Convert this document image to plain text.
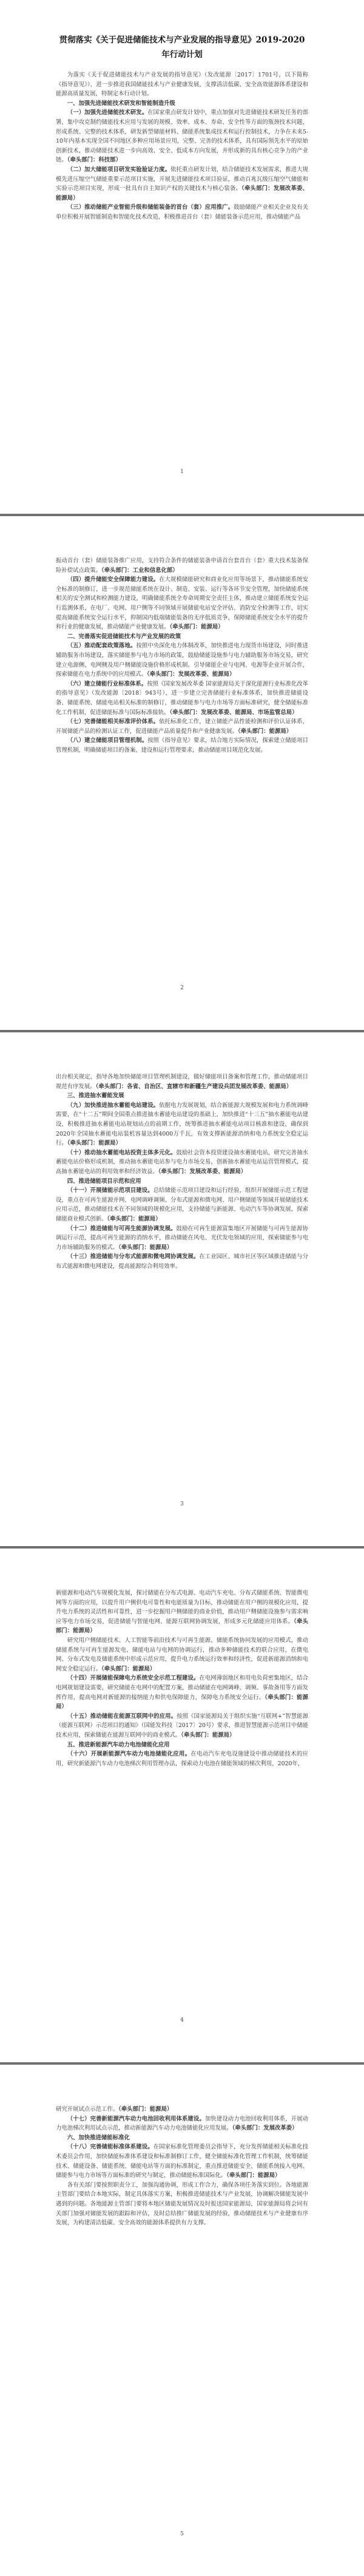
贯彻落实《关于促进储能技术与产业发展的指导意见》2019-2020年行动计划

为落实《关于促进储能技术与产业发展的指导意见》（发改能源〔2017〕1701号，以下简称《指导意见》），进一步推进我国储能技术与产业健康发展，支撑清洁低碳、安全高效能源体系建设和能源高质量发展，特制定本行动计划。

一、加强先进储能技术研发和智能制造升级

（一）加强先进储能技术研发。在国家重点研发计划中，重点加强对先进储能技术研发任务的部署，集中攻克制约储能技术应用与发展的规模、效率、成本、寿命、安全性等方面的瓶颈技术问题，形成系统、完整的技术体系，研发新型储能材料、储能系统集成技术和运行控制技术，力争在未来5-10年内基本实现全国不同地区多种应用场景应用，完整、完善的技术体系，具有国际领先水平的原始创新技术，推动储能技术进一步向高效、安全、低成本方向发展，并形成新的具有核心竞争力的产业链。（牵头部门：科技部）

（二）加大储能项目研发实验验证力度。依托重点研发计划，结合储能技术发展需求，推进大规模先进压缩空气储能重要示范项目实施，开展先进储能技术项目验证，推动百兆瓦级压缩空气储能和实验示范项目实现，形成一批具有自主知识产权的关键技术与核心装备。（牵头部门：发展改革委、能源局）

（三）推动储能产业智能升级和储能装备的首台（套）应用推广。鼓励储能产业相关企业及有关单位积极开展智能制造和智能化技术改造，积极推进首台（套）储能装备示范应用，推动储能产品

1

振动首台（套）储能装备推广应用，支持符合条件的储能装备申请首台套首台（套）重大技术装备保险补偿试点政策。（牵头部门：工业和信息化部）

（四）提升储能安全保障能力建设。在大规模储能研究和商业化应用等场景下，推动储能系统安全标准的制修订，进一步规范储能系统在设计、制造、安装、运行等各环节安全管理，加快储能系统相关的安全测试和检测能力建设，明确储能系统全寿命周期安全责任主体，推动建立储能系统安全运行监测体系，在电厂、电网、用户侧等不同领域开展储能电站安全评估、消防安全检测等工作，切实提高储能系统安全运行水平，抑制国内低端储能装备的无序低质竞争，保障储能系统安全水平的提升和行业的健康发展，推动储能产业健康发展。（牵头部门：能源局）

二、完善落实促进储能技术与产业发展的政策

（五）推动配套政策落地。按照中央深化电力体制改革，加快推进电力现货市场建设，同时推进辅助服务市场建设，落实储能参与电力市场的政策，鼓励储能设施参与电力辅助服务市场交易，研究建立电源侧、电网侧及用户侧储能设施价格形成机制。引导储能企业与电网、电源等企业开展合作，探索储能在电力系统中的应用模式。（牵头部门：发展改革委、能源局）

（六）建立储能行业标准体系。按照《国家发展改革委 国家能源局关于深化能源行业标准化改革的指导意见》（发改能源〔2018〕943号），进一步建立完善储能行业标准体系，加快推进储能设备、储能系统、储能电站相关标准的制修订，推动储能参与电力市场等方面标准研究，健全储能标准化工作机制，促进储能标准与国际标准接轨。（牵头部门：发展改革委、能源局、市场监管总局）

（七）完善储能相关标准评价体系。依托标准化工作，建立储能产品性能检测和评价认证体系，开展储能产品的检测认证工作，促进储能产品质量提升和产业健康发展。（牵头部门：能源局）

（八）建立储能项目管理机制。按照《指导意见》要求，结合地方实际情况，探索建立储能项目管理机制，明确储能项目的备案、建设和运行管理要求，推动储能项目规范化发展。

2

出台相关规定，指导各地加快储能项目管理机制建设，做好储能项目备案和管理工作，推动储能项目规范有序发展。（牵头部门：各省、自治区、直辖市和新疆生产建设兵团发展改革委、能源局）

三、推进抽水蓄能发展

（九）加快推进抽水蓄能电站建设。依据电力发展规划，结合新能源大规模发展和电力系统调峰需要，在“十二五”期间全国重点推进抽水蓄能电站建设的基础上，加快推进“十三五”抽水蓄能电站建设，积极推进抽水蓄能电站规划站点的前期工作，统筹推进抽水蓄能电站项目核准和建设，确保到2020年全国抽水蓄能电站装机容量达到4000万千瓦，有效支撑新能源消纳和电力系统安全稳定运行。（牵头部门：能源局）

（十）推动抽水蓄能电站投资主体多元化。鼓励社会资本投资建设抽水蓄能电站，研究完善抽水蓄能电站价格形成机制，推动抽水蓄能电站参与电力市场交易，创新抽水蓄能电站运营管理模式，提高抽水蓄能电站的利用效率和经济效益。（牵头部门：发展改革委、能源局）

四、推进储能项目示范和应用

（十一）开展储能示范项目建设。总结储能示范项目建设和运行经验，组织开展储能示范工程建设，重点在可再生能源并网、电网调峰调频、分布式能源和微电网、用户侧储能等领域开展储能技术应用示范，推动储能技术在不同领域的规模化应用，支持储能与新能源、电动汽车等协调发展，探索储能商业模式创新。（牵头部门：能源局）

（十二）推进储能与可再生能源协调发展。鼓励在可再生能源富集地区开展储能与可再生能源协调运行示范，提高可再生能源的消纳水平，推动储能在风电、光伏发电领域的应用，探索储能参与电力市场辅助服务的模式。（牵头部门：能源局）

（十三）推进储能与分布式能源和微电网协调发展。在工业园区、城市社区等区域推进储能与分布式能源和微电网建设，提高能源综合利用效率。

3

新能源和电动汽车规模化发展，探讨储能在分布式电源、电动汽车充电、分布式储能系统、智能微电网等方面的应用，以提升用户侧供电可靠性和电能质量为目标，推动储能在用户侧的规模化应用，提升电力系统的灵活性和可靠性，进一步挖掘用户侧储能的商业价值，推动用户侧储能设施参与需求响应等电力市场交易，促进储能与智能电网、能源互联网协调发展，形成多元化储能应用体系。（牵头部门：能源局）

研究用户侧储能技术、人工智能等前沿技术与可再生能源、储能系统协同发展的应用模式，推动储能系统与可再生能源发电、储能电站与电网的协调运行，推动多种储能技术的联合应用，在微电网、分布式发电及储能系统中形成示范应用，提升电力系统运行效率和经济性，促进新能源消纳和电网安全稳定运行。（牵头部门：能源局）

（十四）开展储能保障电力系统安全示范工程建设。在电网薄弱地区和用电负荷密集地区，结合电网规划建设需要，研究储能在电网中的配置方案，推动储能在电网调峰、调频、事故备用等方面发挥作用，提高电网对新能源的接纳能力和供电保障能力，保障电力系统安全运行。（牵头部门：能源局）

（十五）推动储能在能源互联网中的应用。按照《国家能源局关于组织实施“互联网+”智慧能源（能源互联网）示范项目的通知》（国能发科技〔2017〕20号）要求，推进智慧能源示范项目中储能技术应用，探索储能在能源互联网中的商业模式。（牵头部门：能源局）

五、推进新能源汽车动力电池储能化应用

（十六）开展新能源汽车动力电池储能化应用。在电动汽车充电设施建设中推动储能技术的应用，研究新能源汽车动力电池梯次利用管理办法，探索动力电池在储能领域的梯次利用，2020年，

4

研究开展试点示范工作。（牵头部门：能源局）

（十七）完善新能源汽车动力电池回收利用体系建设。加快建设动力电池回收利用体系，开展动力电池梯次利用试点示范，推动新能源汽车动力电池储能化应用发展。（牵头部门：发展改革委）

六、加快推进储能标准化

（十八）完善储能标准体系建设。在国家标准化管理委员会指导下，充分发挥储能相关标准化技术委员会作用，加快储能标准体系建设和标准制修订工作，健全储能标准化管理工作机制，统筹储能技术、储能设备、储能系统、储能电站等方面的标准制定，重点推进储能安全、储能系统接入电网、储能参与电力市场等方面标准的研究与制定，推动储能标准国际化。（牵头部门：能源局）

各有关部门要按照职责分工，加强沟通协调，形成工作合力，确保各项任务落实到位。各地能源主管部门要结合本地实际，制定具体落实方案，积极推进储能技术与产业发展，协调解决储能发展中遇到的问题。各地能源主管部门要将本地区储能发展情况及时报送国家能源局，国家能源局将会同有关部门加强对储能发展的跟踪和评估，及时总结推广储能发展的经验，推动储能技术与产业健康有序发展，为构建清洁低碳、安全高效的能源体系提供有力支撑。

5
